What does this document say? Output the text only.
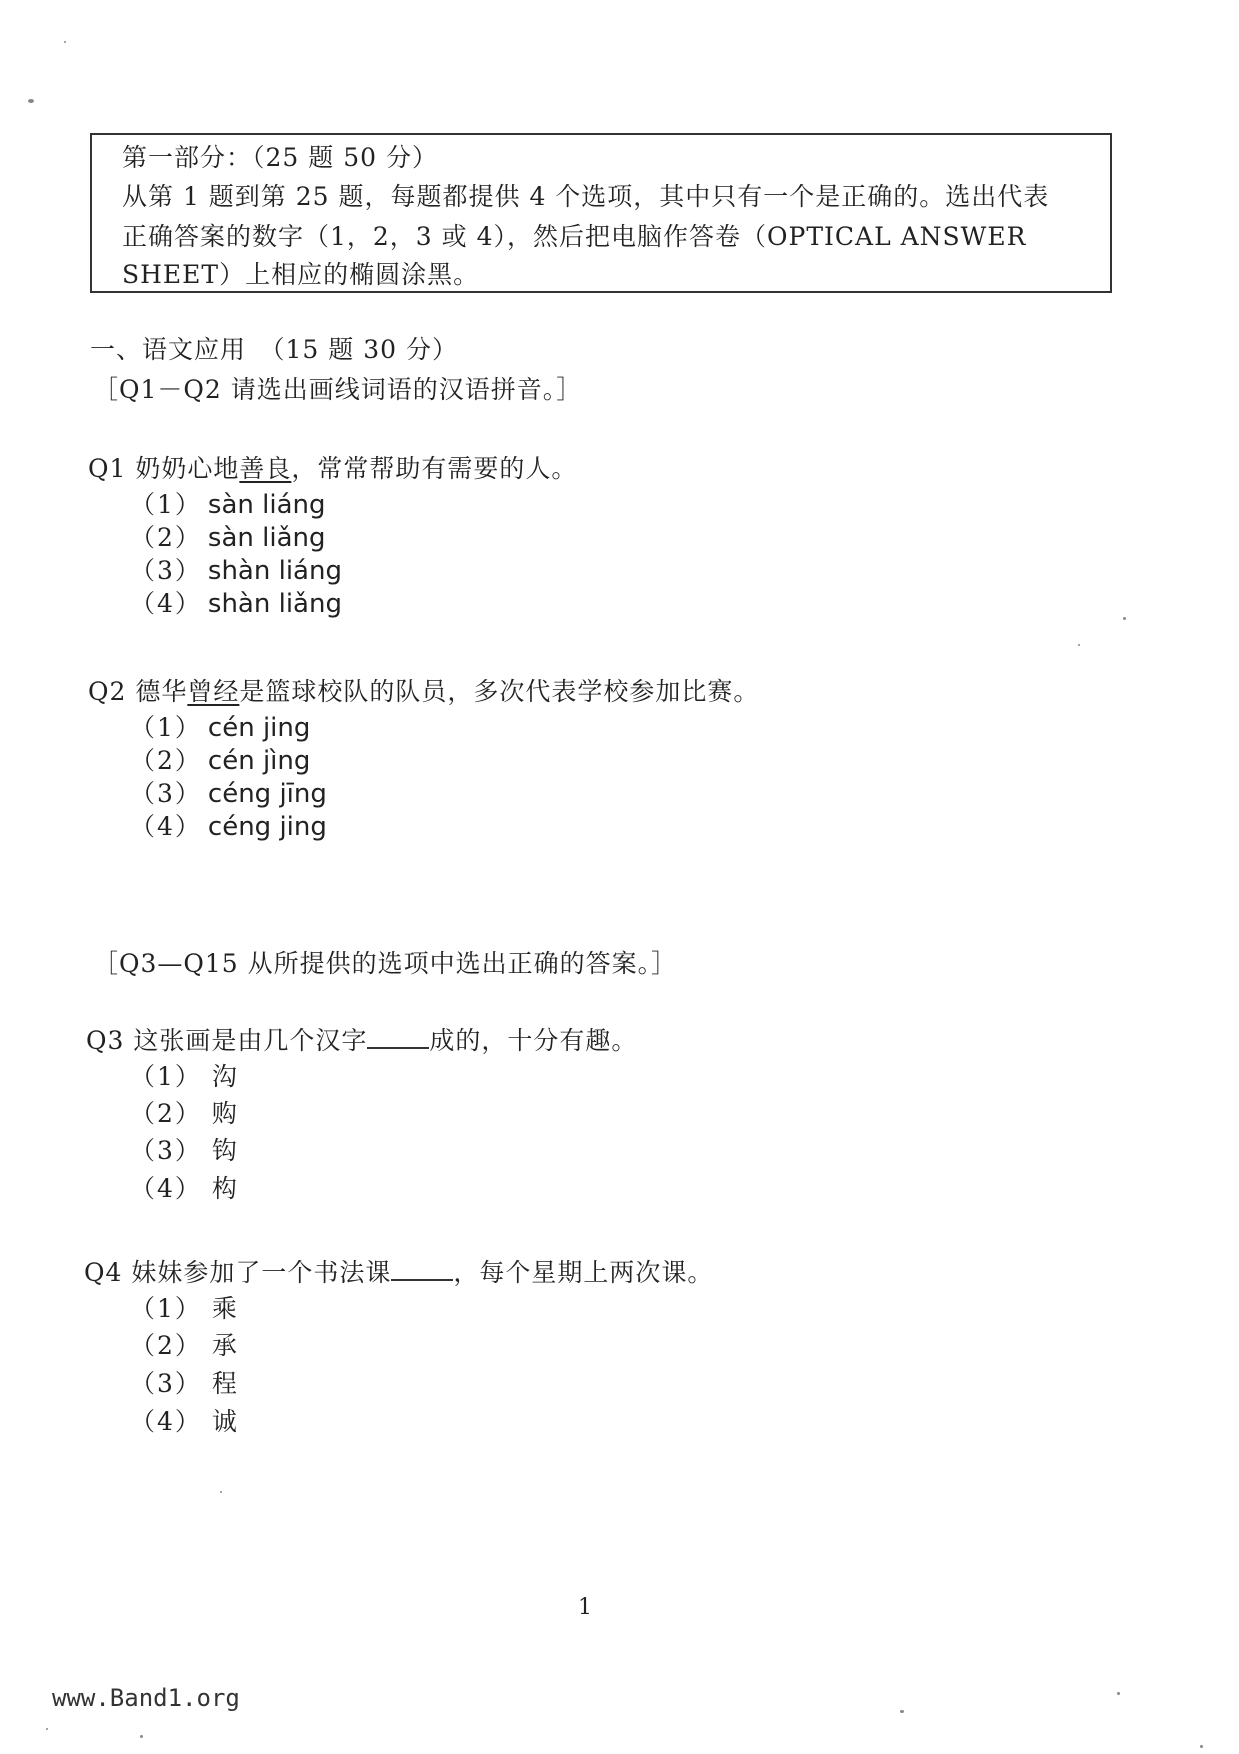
第一部分：（25 题 50 分）
从第 1 题到第 25 题，每题都提供 4 个选项，其中只有一个是正确的。选出代表
正确答案的数字（1，2，3 或 4），然后把电脑作答卷（OPTICAL ANSWER
SHEET）上相应的椭圆涂黑。
一、语文应用　（15 题 30 分）
［Q1－Q2 请选出画线词语的汉语拼音。］
Q1 奶奶心地善良，常常帮助有需要的人。
（1） sàn liáng
（2） sàn liǎng
（3） shàn liáng
（4） shàn liǎng
Q2 德华曾经是篮球校队的队员，多次代表学校参加比赛。
（1） cén jing
（2） cén jìng
（3） céng jīng
（4） céng jing
［Q3—Q15 从所提供的选项中选出正确的答案。］
Q3 这张画是由几个汉字 成的，十分有趣。
（1） 沟
（2） 购
（3） 钩
（4） 构
Q4 妹妹参加了一个书法课 ，每个星期上两次课。
（1） 乘
（2） 承
（3） 程
（4） 诚
1
www.Band1.org
